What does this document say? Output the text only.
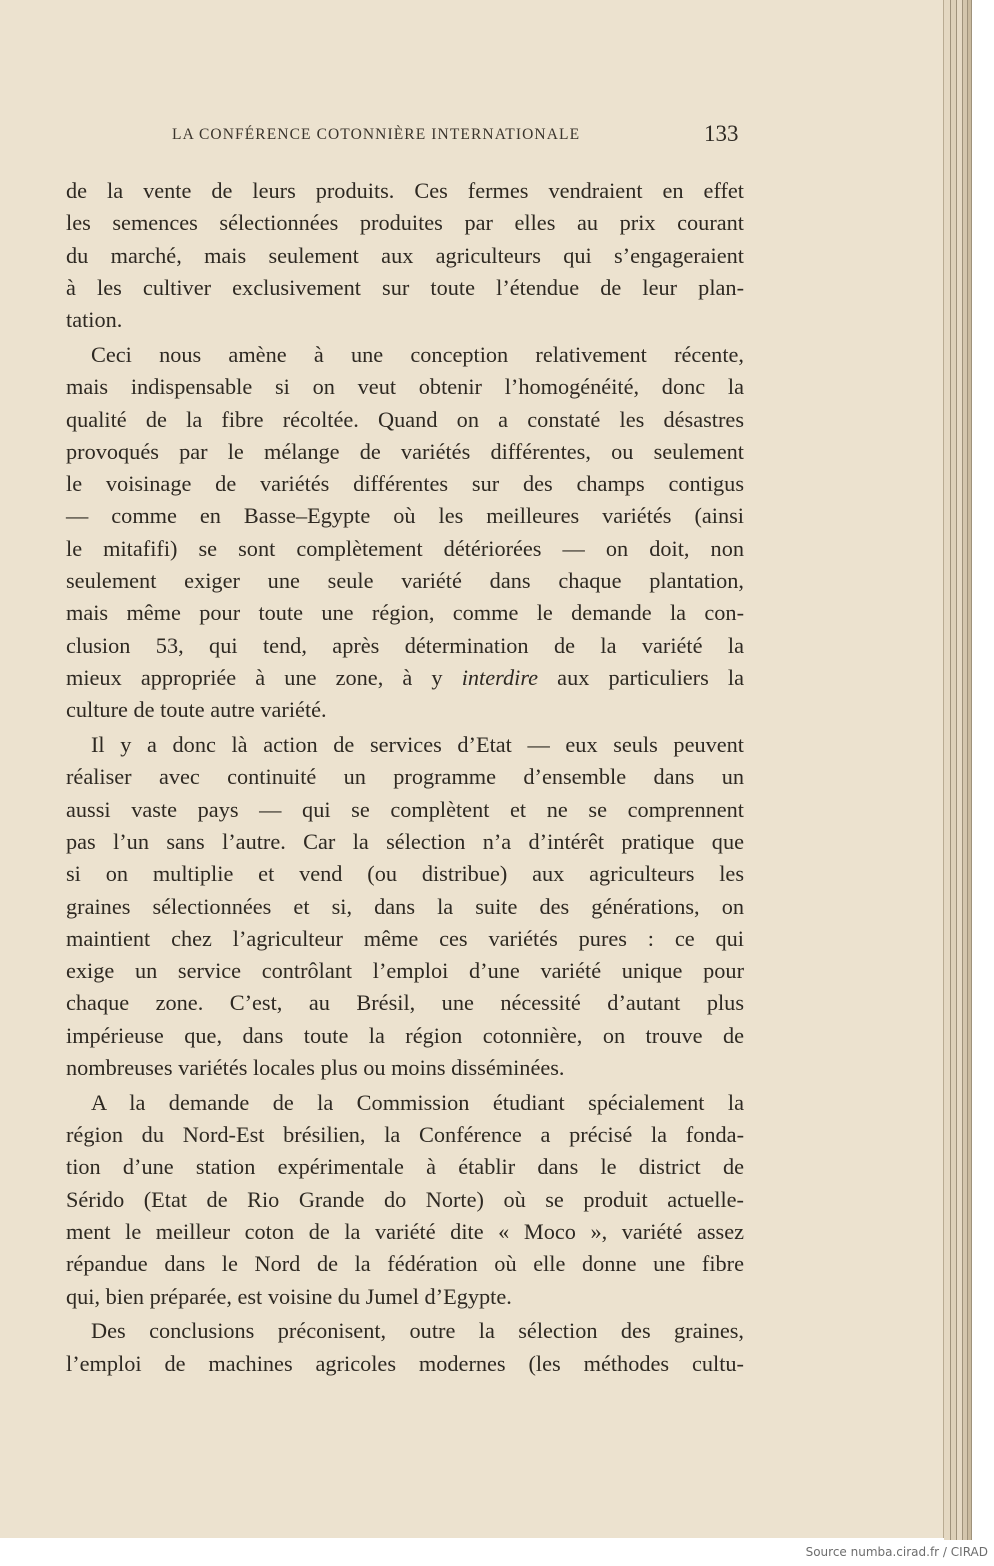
LA CONFÉRENCE COTONNIÈRE INTERNATIONALE	133
de la vente de leurs produits. Ces fermes vendraient en effet
les semences sélectionnées produites par elles au prix courant
du marché, mais seulement aux agriculteurs qui s’engageraient
à les cultiver exclusivement sur toute l’étendue de leur plan-
tation.
Ceci nous amène à une conception relativement récente,
mais indispensable si on veut obtenir l’homogénéité, donc la
qualité de la fibre récoltée. Quand on a constaté les désastres
provoqués par le mélange de variétés différentes, ou seulement
le voisinage de variétés différentes sur des champs contigus
— comme en Basse–Egypte où les meilleures variétés (ainsi
le mitafifi) se sont complètement détériorées — on doit, non
seulement exiger une seule variété dans chaque plantation,
mais même pour toute une région, comme le demande la con-
clusion 53, qui tend, après détermination de la variété la
mieux appropriée à une zone, à y interdire aux particuliers la
culture de toute autre variété.
Il y a donc là action de services d’Etat — eux seuls peuvent
réaliser avec continuité un programme d’ensemble dans un
aussi vaste pays — qui se complètent et ne se comprennent
pas l’un sans l’autre. Car la sélection n’a d’intérêt pratique que
si on multiplie et vend (ou distribue) aux agriculteurs les
graines sélectionnées et si, dans la suite des générations, on
maintient chez l’agriculteur même ces variétés pures : ce qui
exige un service contrôlant l’emploi d’une variété unique pour
chaque zone. C’est, au Brésil, une nécessité d’autant plus
impérieuse que, dans toute la région cotonnière, on trouve de
nombreuses variétés locales plus ou moins disséminées.
A la demande de la Commission étudiant spécialement la
région du Nord-Est brésilien, la Conférence a précisé la fonda-
tion d’une station expérimentale à établir dans le district de
Sérido (Etat de Rio Grande do Norte) où se produit actuelle-
ment le meilleur coton de la variété dite « Moco », variété assez
répandue dans le Nord de la fédération où elle donne une fibre
qui, bien préparée, est voisine du Jumel d’Egypte.
Des conclusions préconisent, outre la sélection des graines,
l’emploi de machines agricoles modernes (les méthodes cultu-
Source numba.cirad.fr / CIRAD
